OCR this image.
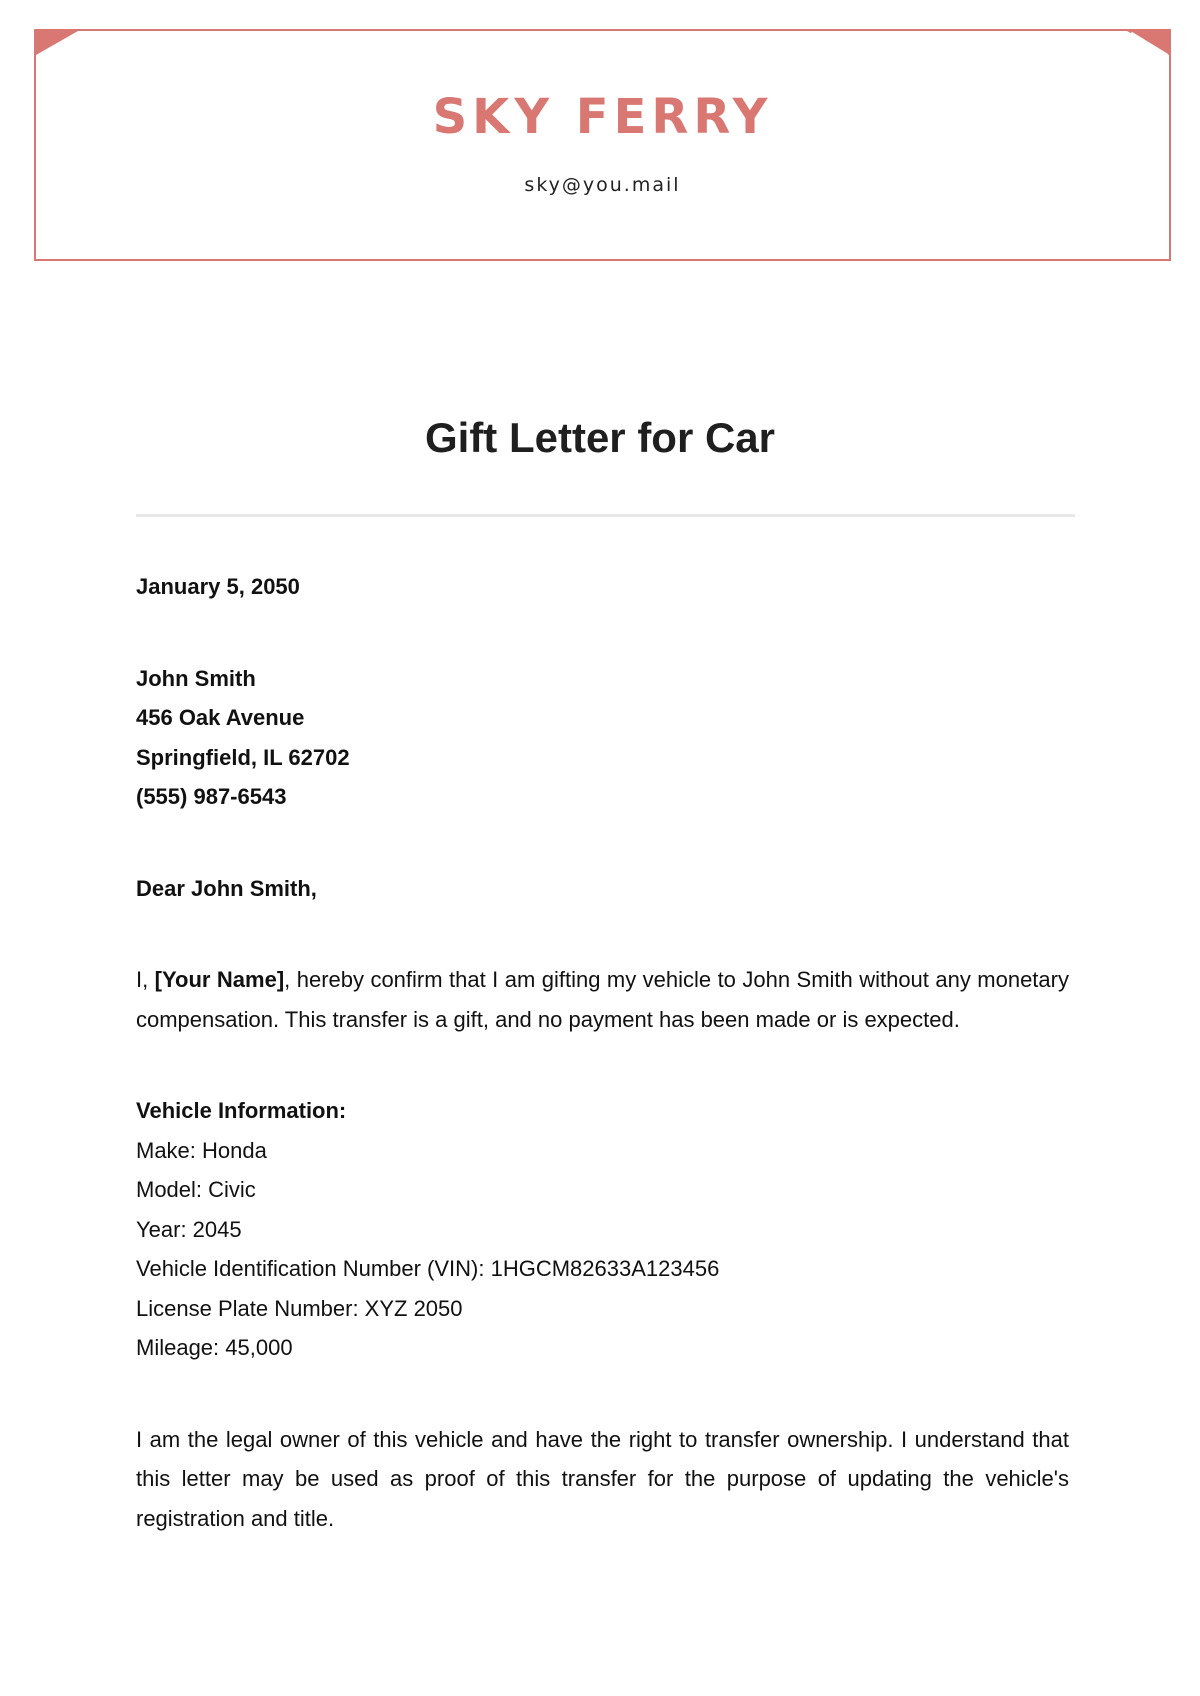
SKY FERRY
sky@you.mail
Gift Letter for Car

January 5, 2050

John Smith

456 Oak Avenue

Springfield, IL 62702

(555) 987-6543

Dear John Smith,

I, [Your Name], hereby confirm that I am gifting my vehicle to John Smith without any monetary compensation. This transfer is a gift, and no payment has been made or is expected.

Vehicle Information:

Make: Honda

Model: Civic

Year: 2045

Vehicle Identification Number (VIN): 1HGCM82633A123456

License Plate Number: XYZ 2050

Mileage: 45,000

I am the legal owner of this vehicle and have the right to transfer ownership. I understand that this letter may be used as proof of this transfer for the purpose of updating the vehicle's registration and title.
